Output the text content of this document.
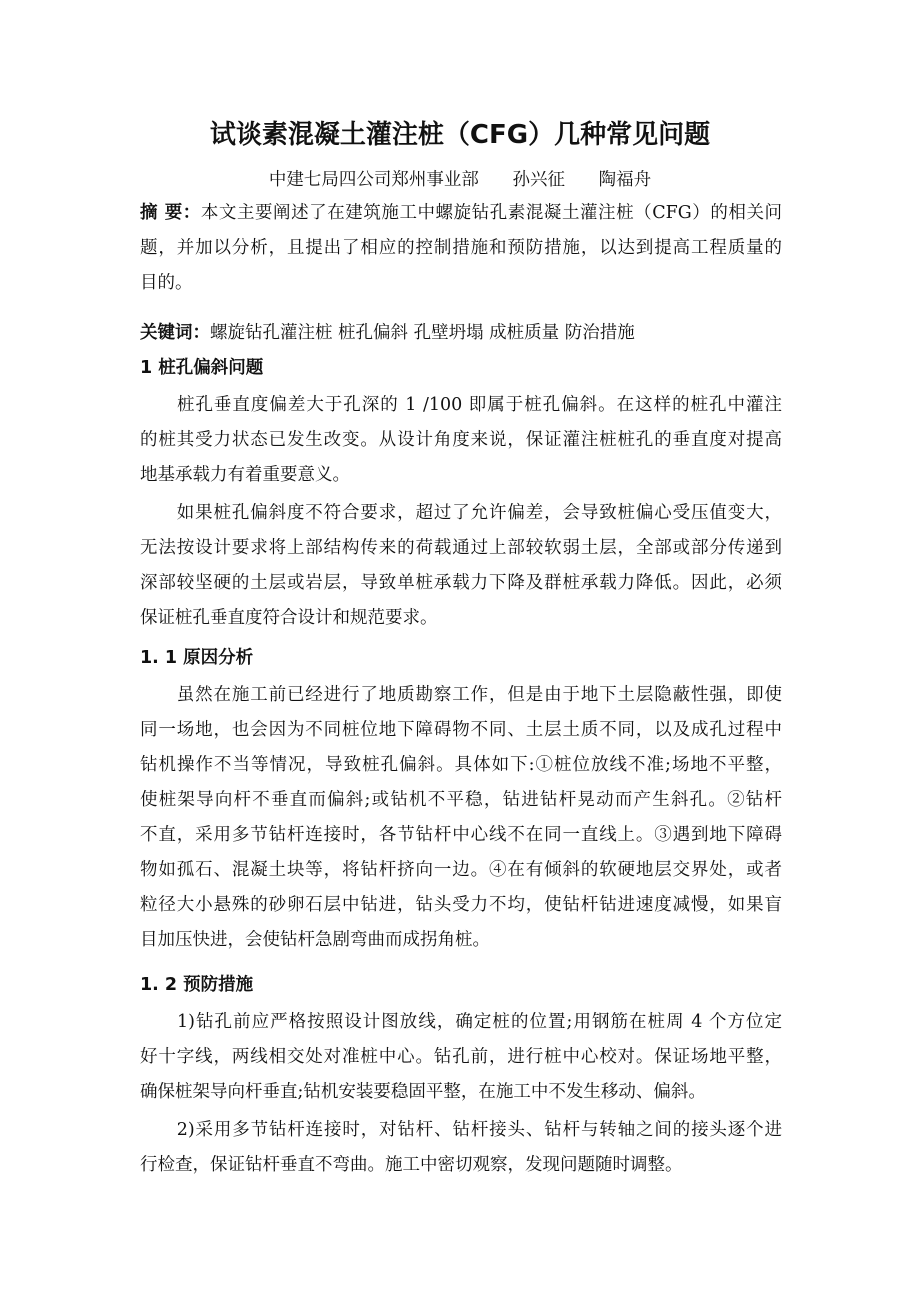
试谈素混凝土灌注桩（CFG）几种常见问题
中建七局四公司郑州事业部 孙兴征 陶福舟
摘 要：本文主要阐述了在建筑施工中螺旋钻孔素混凝土灌注桩（CFG）的相关问
题，并加以分析，且提出了相应的控制措施和预防措施，以达到提高工程质量的
目的。
关键词：螺旋钻孔灌注桩 桩孔偏斜 孔壁坍塌 成桩质量 防治措施
1 桩孔偏斜问题
　　桩孔垂直度偏差大于孔深的 1 /100 即属于桩孔偏斜。在这样的桩孔中灌注
的桩其受力状态已发生改变。从设计角度来说，保证灌注桩桩孔的垂直度对提高
地基承载力有着重要意义。
　　如果桩孔偏斜度不符合要求，超过了允许偏差，会导致桩偏心受压值变大，
无法按设计要求将上部结构传来的荷载通过上部较软弱土层，全部或部分传递到
深部较坚硬的土层或岩层，导致单桩承载力下降及群桩承载力降低。因此，必须
保证桩孔垂直度符合设计和规范要求。
1. 1 原因分析
　　虽然在施工前已经进行了地质勘察工作，但是由于地下土层隐蔽性强，即使
同一场地，也会因为不同桩位地下障碍物不同、土层土质不同，以及成孔过程中
钻机操作不当等情况，导致桩孔偏斜。具体如下:①桩位放线不准;场地不平整，
使桩架导向杆不垂直而偏斜;或钻机不平稳，钻进钻杆晃动而产生斜孔。②钻杆
不直，采用多节钻杆连接时，各节钻杆中心线不在同一直线上。③遇到地下障碍
物如孤石、混凝土块等，将钻杆挤向一边。④在有倾斜的软硬地层交界处，或者
粒径大小悬殊的砂卵石层中钻进，钻头受力不均，使钻杆钻进速度减慢，如果盲
目加压快进，会使钻杆急剧弯曲而成拐角桩。
1. 2 预防措施
　　1)钻孔前应严格按照设计图放线，确定桩的位置;用钢筋在桩周 4 个方位定
好十字线，两线相交处对准桩中心。钻孔前，进行桩中心校对。保证场地平整，
确保桩架导向杆垂直;钻机安装要稳固平整，在施工中不发生移动、偏斜。
　　2)采用多节钻杆连接时，对钻杆、钻杆接头、钻杆与转轴之间的接头逐个进
行检查，保证钻杆垂直不弯曲。施工中密切观察，发现问题随时调整。
